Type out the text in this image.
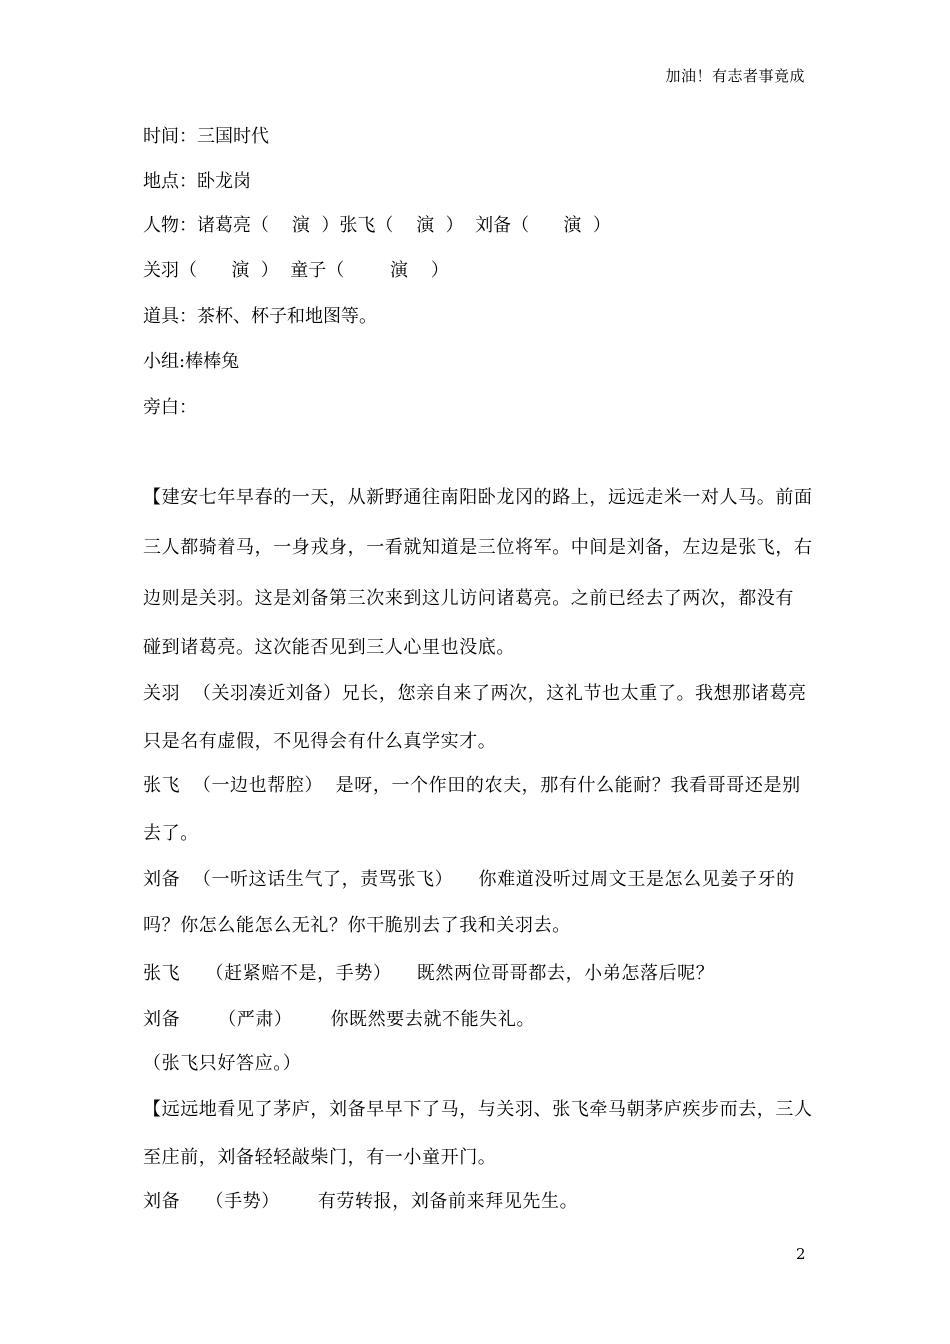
加油！有志者事竟成
时间：三国时代
地点：卧龙岗
人物：诸葛亮（    演  ）张飞（    演  ）  刘备（      演  ）
关羽（      演  ）  童子（        演    ）
道具：茶杯、杯子和地图等。
小组:棒棒兔
旁白：
【建安七年早春的一天，从新野通往南阳卧龙冈的路上，远远走米一对人马。前面
三人都骑着马，一身戎身，一看就知道是三位将军。中间是刘备，左边是张飞，右
边则是关羽。这是刘备第三次来到这儿访问诸葛亮。之前已经去了两次，都没有
碰到诸葛亮。这次能否见到三人心里也没底。
关羽  （关羽凑近刘备）兄长，您亲自来了两次，这礼节也太重了。我想那诸葛亮
只是名有虚假，不见得会有什么真学实才。
张飞  （一边也帮腔）  是呀，一个作田的农夫，那有什么能耐？我看哥哥还是别
去了。
刘备  （一听这话生气了，责骂张飞）    你难道没听过周文王是怎么见姜子牙的
吗？你怎么能怎么无礼？你干脆别去了我和关羽去。
张飞    （赶紧赔不是，手势）    既然两位哥哥都去，小弟怎落后呢？
刘备      （严肃）      你既然要去就不能失礼。
（张飞只好答应。）
【远远地看见了茅庐，刘备早早下了马，与关羽、张飞牵马朝茅庐疾步而去，三人
至庄前，刘备轻轻敲柴门，有一小童开门。
刘备    （手势）      有劳转报，刘备前来拜见先生。
2
